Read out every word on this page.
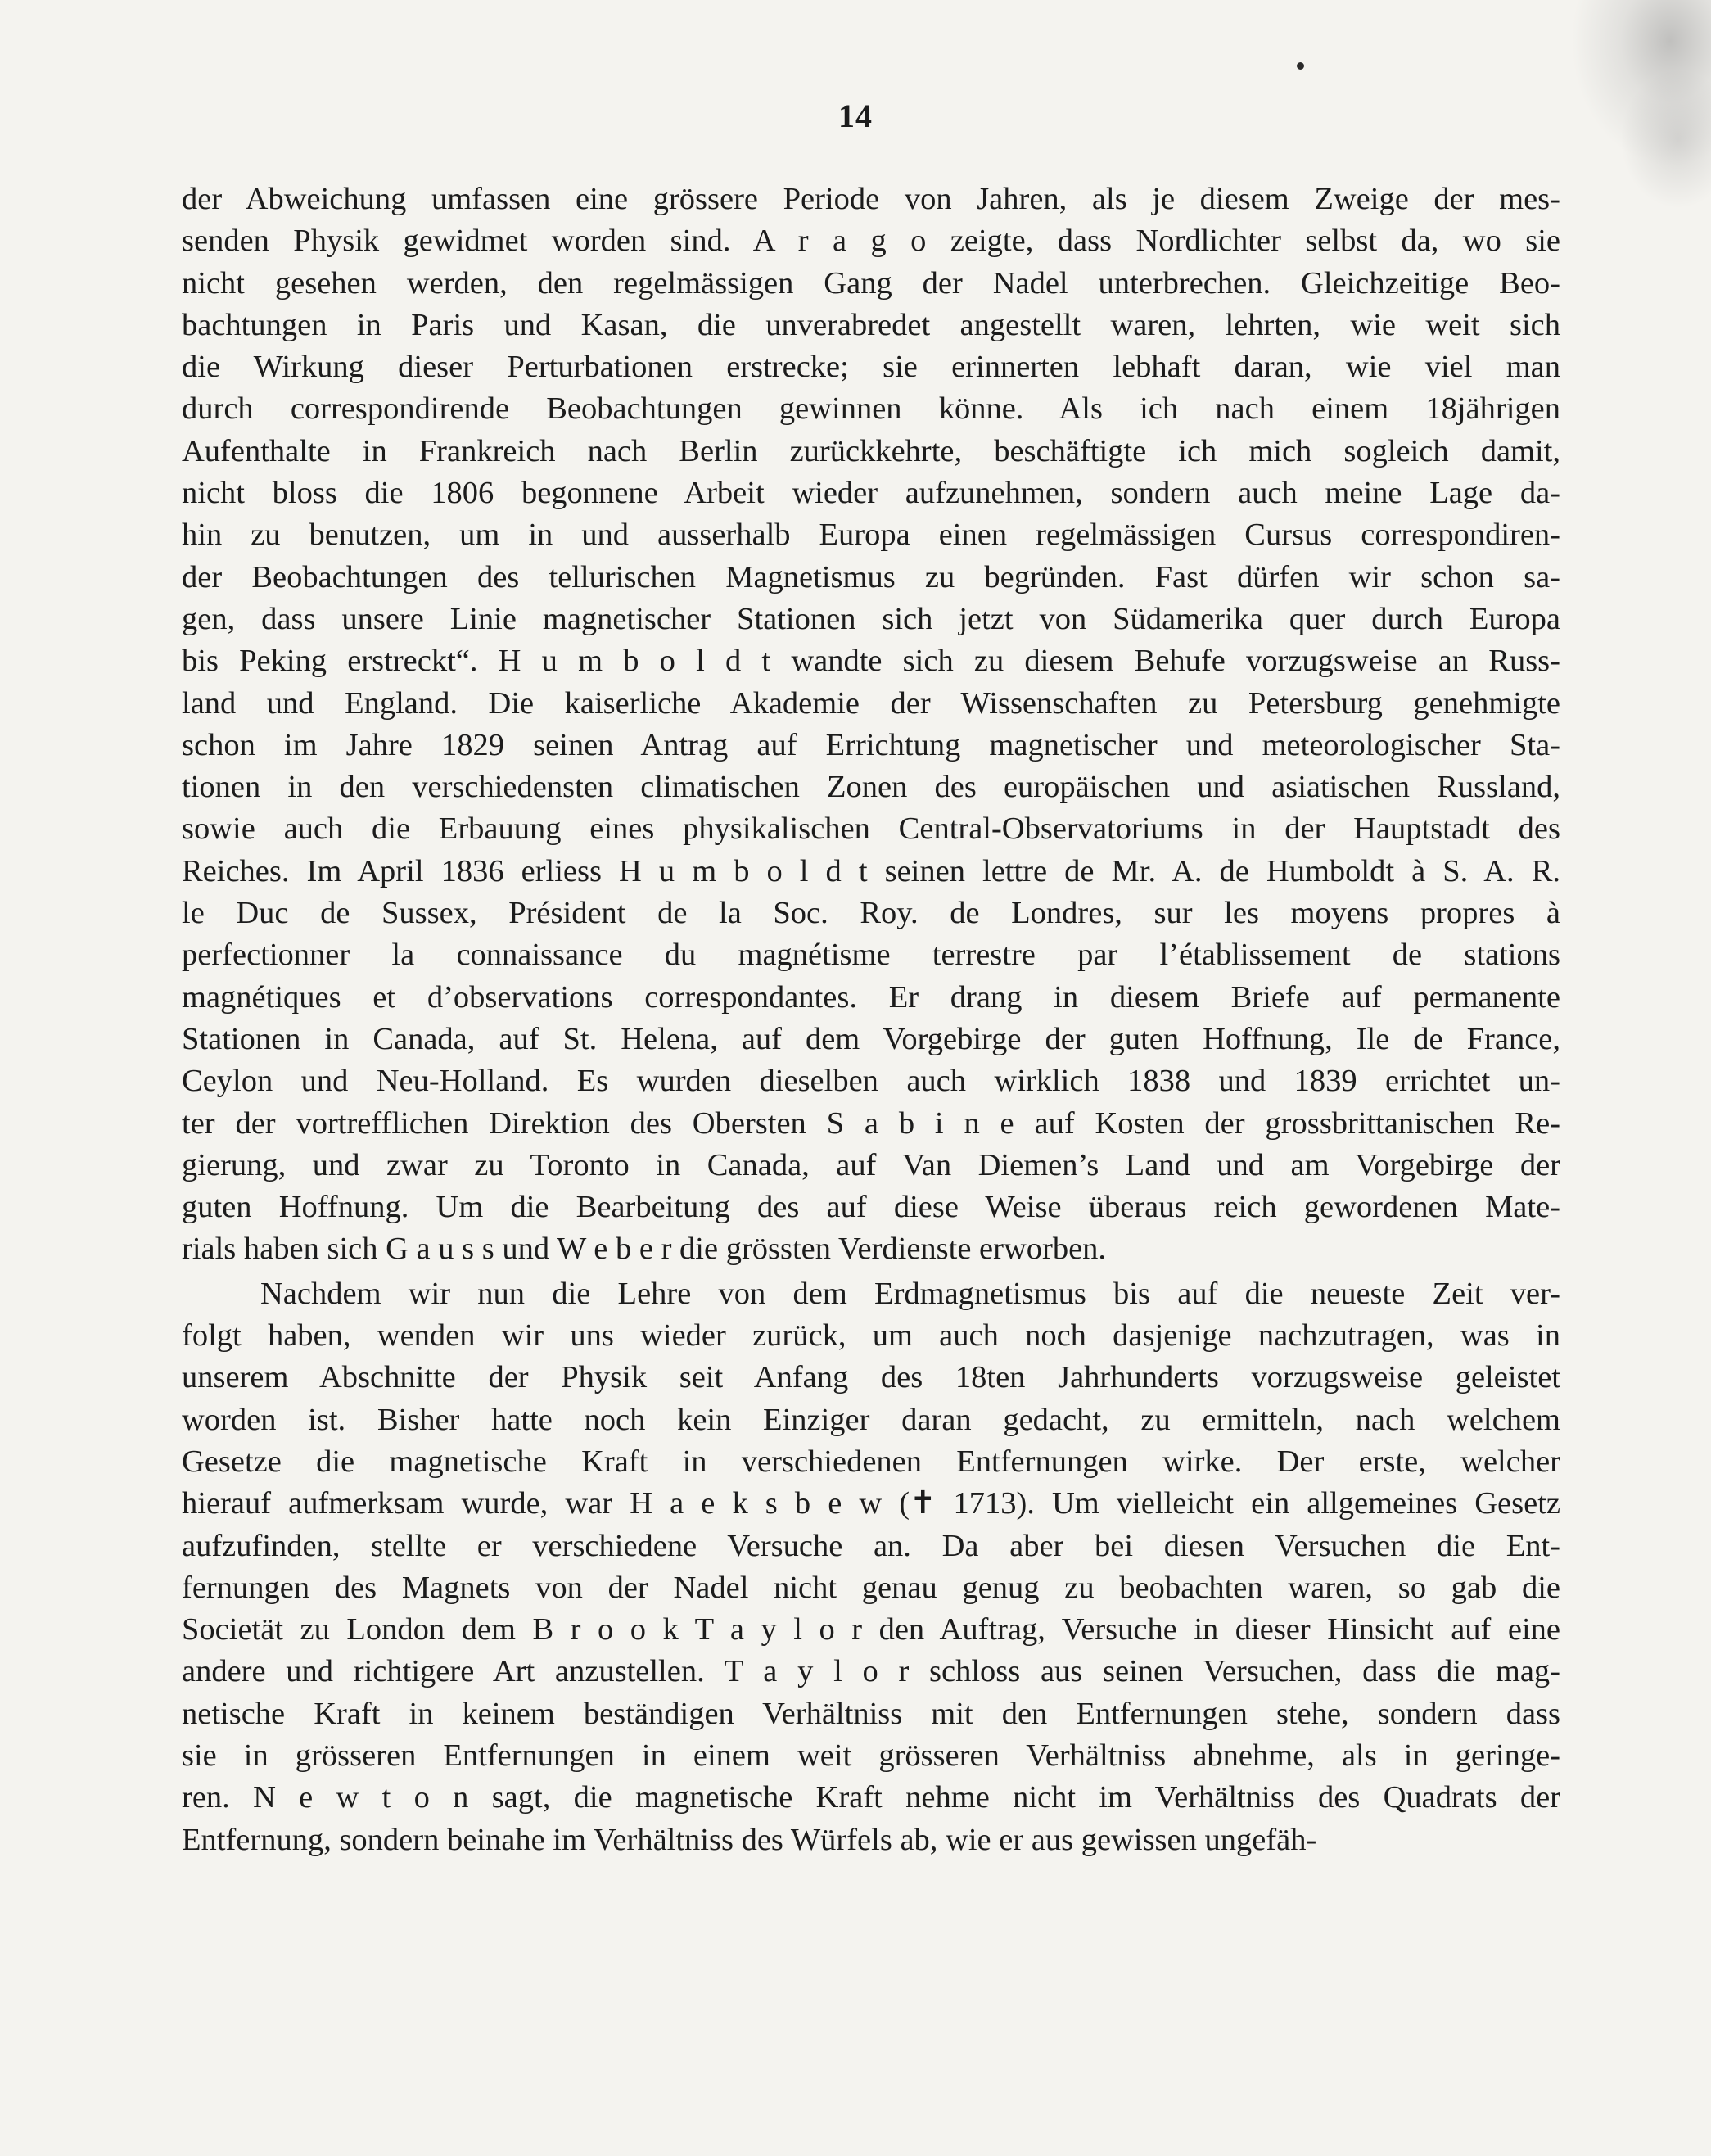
14
der Abweichung umfassen eine grössere Periode von Jahren, als je diesem Zweige der mes-
senden Physik gewidmet worden sind. A r a g o zeigte, dass Nordlichter selbst da, wo sie
nicht gesehen werden, den regelmässigen Gang der Nadel unterbrechen. Gleichzeitige Beo-
bachtungen in Paris und Kasan, die unverabredet angestellt waren, lehrten, wie weit sich
die Wirkung dieser Perturbationen erstrecke; sie erinnerten lebhaft daran, wie viel man
durch correspondirende Beobachtungen gewinnen könne. Als ich nach einem 18jährigen
Aufenthalte in Frankreich nach Berlin zurückkehrte, beschäftigte ich mich sogleich damit,
nicht bloss die 1806 begonnene Arbeit wieder aufzunehmen, sondern auch meine Lage da-
hin zu benutzen, um in und ausserhalb Europa einen regelmässigen Cursus correspondiren-
der Beobachtungen des tellurischen Magnetismus zu begründen. Fast dürfen wir schon sa-
gen, dass unsere Linie magnetischer Stationen sich jetzt von Südamerika quer durch Europa
bis Peking erstreckt“. H u m b o l d t wandte sich zu diesem Behufe vorzugsweise an Russ-
land und England. Die kaiserliche Akademie der Wissenschaften zu Petersburg genehmigte
schon im Jahre 1829 seinen Antrag auf Errichtung magnetischer und meteorologischer Sta-
tionen in den verschiedensten climatischen Zonen des europäischen und asiatischen Russland,
sowie auch die Erbauung eines physikalischen Central-Observatoriums in der Hauptstadt des
Reiches. Im April 1836 erliess H u m b o l d t seinen lettre de Mr. A. de Humboldt à S. A. R.
le Duc de Sussex, Président de la Soc. Roy. de Londres, sur les moyens propres à
perfectionner la connaissance du magnétisme terrestre par l’établissement de stations
magnétiques et d’observations correspondantes. Er drang in diesem Briefe auf permanente
Stationen in Canada, auf St. Helena, auf dem Vorgebirge der guten Hoffnung, Ile de France,
Ceylon und Neu-Holland. Es wurden dieselben auch wirklich 1838 und 1839 errichtet un-
ter der vortrefflichen Direktion des Obersten S a b i n e auf Kosten der grossbrittanischen Re-
gierung, und zwar zu Toronto in Canada, auf Van Diemen’s Land und am Vorgebirge der
guten Hoffnung. Um die Bearbeitung des auf diese Weise überaus reich gewordenen Mate-
rials haben sich G a u s s und W e b e r die grössten Verdienste erworben.
Nachdem wir nun die Lehre von dem Erdmagnetismus bis auf die neueste Zeit ver-
folgt haben, wenden wir uns wieder zurück, um auch noch dasjenige nachzutragen, was in
unserem Abschnitte der Physik seit Anfang des 18ten Jahrhunderts vorzugsweise geleistet
worden ist. Bisher hatte noch kein Einziger daran gedacht, zu ermitteln, nach welchem
Gesetze die magnetische Kraft in verschiedenen Entfernungen wirke. Der erste, welcher
hierauf aufmerksam wurde, war H a e k s b e w (✝ 1713). Um vielleicht ein allgemeines Gesetz
aufzufinden, stellte er verschiedene Versuche an. Da aber bei diesen Versuchen die Ent-
fernungen des Magnets von der Nadel nicht genau genug zu beobachten waren, so gab die
Societät zu London dem B r o o k T a y l o r den Auftrag, Versuche in dieser Hinsicht auf eine
andere und richtigere Art anzustellen. T a y l o r schloss aus seinen Versuchen, dass die mag-
netische Kraft in keinem beständigen Verhältniss mit den Entfernungen stehe, sondern dass
sie in grösseren Entfernungen in einem weit grösseren Verhältniss abnehme, als in geringe-
ren. N e w t o n sagt, die magnetische Kraft nehme nicht im Verhältniss des Quadrats der
Entfernung, sondern beinahe im Verhältniss des Würfels ab, wie er aus gewissen ungefäh-
